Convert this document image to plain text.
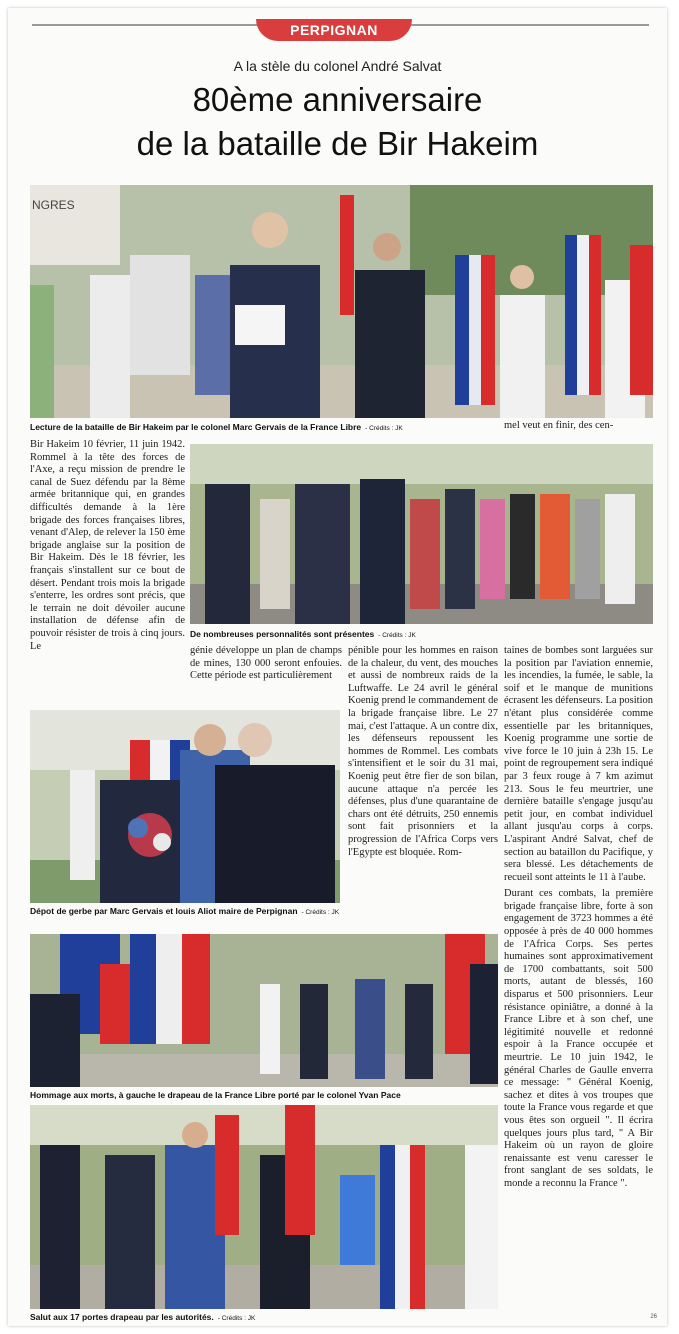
PERPIGNAN
A la stèle du colonel André Salvat
80ème anniversaire
de la bataille de Bir Hakeim
NGRES
Lecture de la bataille de Bir Hakeim par le colonel Marc Gervais de la France Libre - Crédits : JK	mel veut en finir, des cen-
Bir Hakeim 10 février, 11 juin 1942. Rommel à la tête des forces de l'Axe, a reçu mission de prendre le canal de Suez défendu par la 8ème armée britannique qui, en grandes difficultés demande à la 1ère brigade des forces françaises libres, venant d'Alep, de relever la 150 ème brigade anglaise sur la position de Bir Hakeim. Dès le 18 février, les français s'installent sur ce bout de désert. Pendant trois mois la brigade s'enterre, les ordres sont précis, que le terrain ne doit dévoiler aucune installation de défense afin de pouvoir résister de trois à cinq jours. Le
De nombreuses personnalités sont présentes - Crédits : JK
génie développe un plan de champs de mines, 130 000 seront enfouies. Cette période est particulièrement
pénible pour les hommes en raison de la chaleur, du vent, des mouches et aussi de nombreux raids de la Luftwaffe. Le 24 avril le général Koenig prend le commandement de la brigade française libre. Le 27 mai, c'est l'attaque. A un contre dix, les défenseurs repoussent les hommes de Rommel. Les combats s'intensifient et le soir du 31 mai, Koenig peut être fier de son bilan, aucune attaque n'a percée les défenses, plus d'une quarantaine de chars ont été détruits, 250 ennemis sont fait prisonniers et la progression de l'Africa Corps vers l'Egypte est bloquée. Rom-

taines de bombes sont larguées sur la position par l'aviation ennemie, les incendies, la fumée, le sable, la soif et le manque de munitions écrasent les défenseurs. La position n'étant plus considérée comme essentielle par les britanniques, Koenig programme une sortie de vive force le 10 juin à 23h 15. Le point de regroupement sera indiqué par 3 feux rouge à 7 km azimut 213. Sous le feu meurtrier, une dernière bataille s'engage jusqu'au petit jour, en combat individuel allant jusqu'au corps à corps. L'aspirant André Salvat, chef de section au bataillon du Pacifique, y sera blessé. Les détachements de recueil sont atteints le 11 à l'aube.

Durant ces combats, la première brigade française libre, forte à son engagement de 3723 hommes a été opposée à près de 40 000 hommes de l'Africa Corps. Ses pertes humaines sont approximativement de 1700 combattants, soit 500 morts, autant de blessés, 160 disparus et 500 prisonniers. Leur résistance opiniâtre, a donné à la France Libre et à son chef, une légitimité nouvelle et redonné espoir à la France occupée et meurtrie. Le 10 juin 1942, le général Charles de Gaulle enverra ce message: " Général Koenig, sachez et dites à vos troupes que toute la France vous regarde et que vous êtes son orgueil ". Il écrira quelques jours plus tard, " A Bir Hakeim où un rayon de gloire renaissante est venu caresser le front sanglant de ses soldats, le monde a reconnu la France ".

Dépot de gerbe par Marc Gervais et louis Aliot maire de Perpignan - Crédits : JK
Hommage aux morts, à gauche le drapeau de la France Libre porté par le colonel Yvan Pace
Salut aux 17 portes drapeau par les autorités. - Crédits : JK	26
